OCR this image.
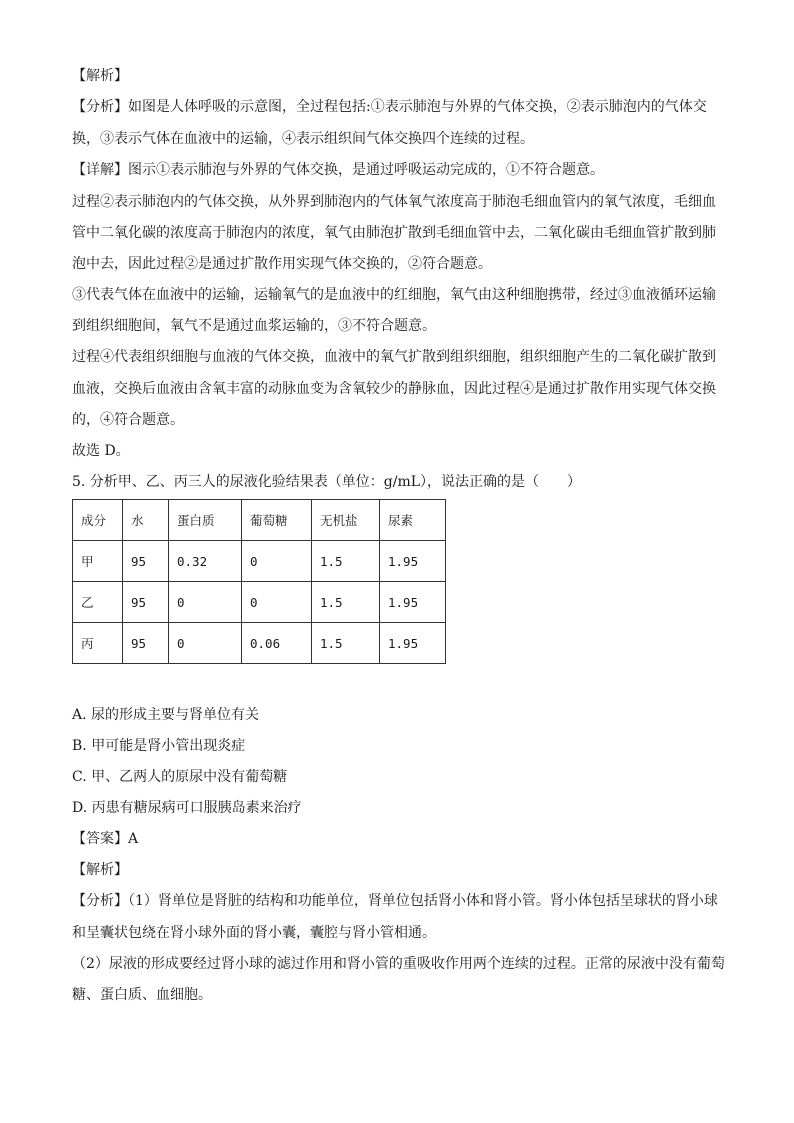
【解析】
【分析】如图是人体呼吸的示意图，全过程包括:①表示肺泡与外界的气体交换，②表示肺泡内的气体交
换，③表示气体在血液中的运输，④表示组织间气体交换四个连续的过程。
【详解】图示①表示肺泡与外界的气体交换，是通过呼吸运动完成的，①不符合题意。
过程②表示肺泡内的气体交换，从外界到肺泡内的气体氧气浓度高于肺泡毛细血管内的氧气浓度，毛细血
管中二氧化碳的浓度高于肺泡内的浓度，氧气由肺泡扩散到毛细血管中去，二氧化碳由毛细血管扩散到肺
泡中去，因此过程②是通过扩散作用实现气体交换的，②符合题意。
③代表气体在血液中的运输，运输氧气的是血液中的红细胞，氧气由这种细胞携带，经过③血液循环运输
到组织细胞间，氧气不是通过血浆运输的，③不符合题意。
过程④代表组织细胞与血液的气体交换，血液中的氧气扩散到组织细胞，组织细胞产生的二氧化碳扩散到
血液，交换后血液由含氧丰富的动脉血变为含氧较少的静脉血，因此过程④是通过扩散作用实现气体交换
的，④符合题意。
故选 D。
5. 分析甲、乙、丙三人的尿液化验结果表（单位：g/mL），说法正确的是（　　）
成分	水	蛋白质	葡萄糖	无机盐	尿素
甲	95	0.32	0	1.5	1.95
乙	95	0	0	1.5	1.95
丙	95	0	0.06	1.5	1.95
A. 尿的形成主要与肾单位有关
B. 甲可能是肾小管出现炎症
C. 甲、乙两人的原尿中没有葡萄糖
D. 丙患有糖尿病可口服胰岛素来治疗
【答案】A
【解析】
【分析】（1）肾单位是肾脏的结构和功能单位，肾单位包括肾小体和肾小管。肾小体包括呈球状的肾小球
和呈囊状包绕在肾小球外面的肾小囊，囊腔与肾小管相通。
（2）尿液的形成要经过肾小球的滤过作用和肾小管的重吸收作用两个连续的过程。正常的尿液中没有葡萄
糖、蛋白质、血细胞。
